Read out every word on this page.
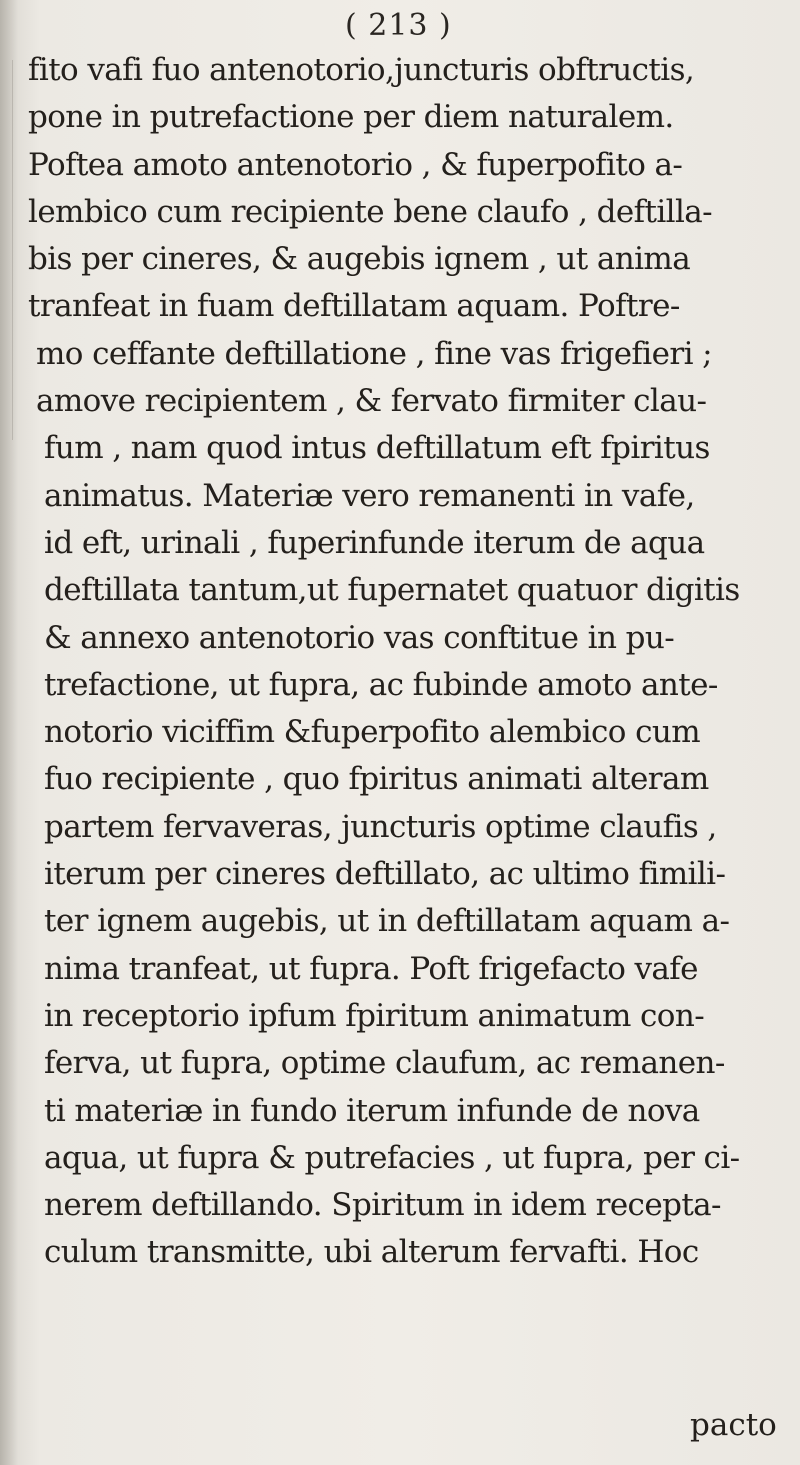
( 213 )
fito vafi fuo antenotorio,juncturis obftructis,
pone in putrefactione per diem naturalem.
Poftea amoto antenotorio , & fuperpofito a-
lembico cum recipiente bene claufo , deftilla-
bis per cineres, & augebis ignem , ut anima
tranfeat in fuam deftillatam aquam. Poftre-
mo ceffante deftillatione , fine vas frigefieri ;
amove recipientem , & fervato firmiter clau-
fum , nam quod intus deftillatum eft fpiritus
animatus. Materiæ vero remanenti in vafe,
id eft, urinali , fuperinfunde iterum de aqua
deftillata tantum,ut fupernatet quatuor digitis
& annexo antenotorio vas conftitue in pu-
trefactione, ut fupra, ac fubinde amoto ante-
notorio viciffim &fuperpofito alembico cum
fuo recipiente , quo fpiritus animati alteram
partem fervaveras, juncturis optime claufis ,
iterum per cineres deftillato, ac ultimo fimili-
ter ignem augebis, ut in deftillatam aquam a-
nima tranfeat, ut fupra. Poft frigefacto vafe
in receptorio ipfum fpiritum animatum con-
ferva, ut fupra, optime claufum, ac remanen-
ti materiæ in fundo iterum infunde de nova
aqua, ut fupra & putrefacies , ut fupra, per ci-
nerem deftillando. Spiritum in idem recepta-
culum transmitte, ubi alterum fervafti. Hoc
pacto
